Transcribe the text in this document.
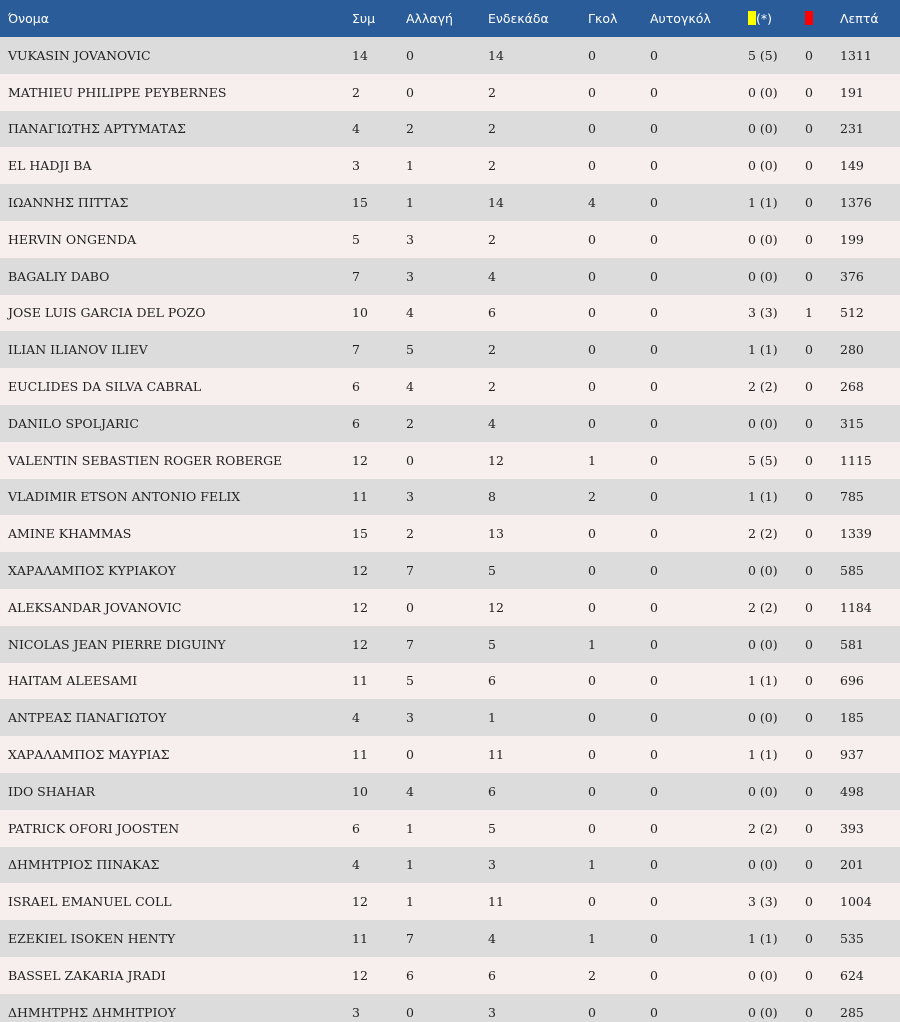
Όνομα	Συμ	Αλλαγή	Ενδεκάδα	Γκολ	Αυτογκόλ	(*)		Λεπτά
VUKASIN JOVANOVIC	14	0	14	0	0	5 (5)	0	1311
MATHIEU PHILIPPE PEYBERNES	2	0	2	0	0	0 (0)	0	191
ΠΑΝΑΓΙΩΤΗΣ ΑΡΤΥΜΑΤΑΣ	4	2	2	0	0	0 (0)	0	231
EL HADJI BA	3	1	2	0	0	0 (0)	0	149
ΙΩΑΝΝΗΣ ΠΙΤΤΑΣ	15	1	14	4	0	1 (1)	0	1376
HERVIN ONGENDA	5	3	2	0	0	0 (0)	0	199
BAGALIY DABO	7	3	4	0	0	0 (0)	0	376
JOSE LUIS GARCIA DEL POZO	10	4	6	0	0	3 (3)	1	512
ILIAN ILIANOV ILIEV	7	5	2	0	0	1 (1)	0	280
EUCLIDES DA SILVA CABRAL	6	4	2	0	0	2 (2)	0	268
DANILO SPOLJARIC	6	2	4	0	0	0 (0)	0	315
VALENTIN SEBASTIEN ROGER ROBERGE	12	0	12	1	0	5 (5)	0	1115
VLADIMIR ETSON ANTONIO FELIX	11	3	8	2	0	1 (1)	0	785
AMINE KHAMMAS	15	2	13	0	0	2 (2)	0	1339
ΧΑΡΑΛΑΜΠΟΣ ΚΥΡΙΑΚΟΥ	12	7	5	0	0	0 (0)	0	585
ALEKSANDAR JOVANOVIC	12	0	12	0	0	2 (2)	0	1184
NICOLAS JEAN PIERRE DIGUINY	12	7	5	1	0	0 (0)	0	581
HAITAM ALEESAMI	11	5	6	0	0	1 (1)	0	696
ΑΝΤΡΕΑΣ ΠΑΝΑΓΙΩΤΟΥ	4	3	1	0	0	0 (0)	0	185
ΧΑΡΑΛΑΜΠΟΣ ΜΑΥΡΙΑΣ	11	0	11	0	0	1 (1)	0	937
IDO SHAHAR	10	4	6	0	0	0 (0)	0	498
PATRICK OFORI JOOSTEN	6	1	5	0	0	2 (2)	0	393
ΔΗΜΗΤΡΙΟΣ ΠΙΝΑΚΑΣ	4	1	3	1	0	0 (0)	0	201
ISRAEL EMANUEL COLL	12	1	11	0	0	3 (3)	0	1004
EZEKIEL ISOKEN HENTY	11	7	4	1	0	1 (1)	0	535
BASSEL ZAKARIA JRADI	12	6	6	2	0	0 (0)	0	624
ΔΗΜΗΤΡΗΣ ΔΗΜΗΤΡΙΟΥ	3	0	3	0	0	0 (0)	0	285
